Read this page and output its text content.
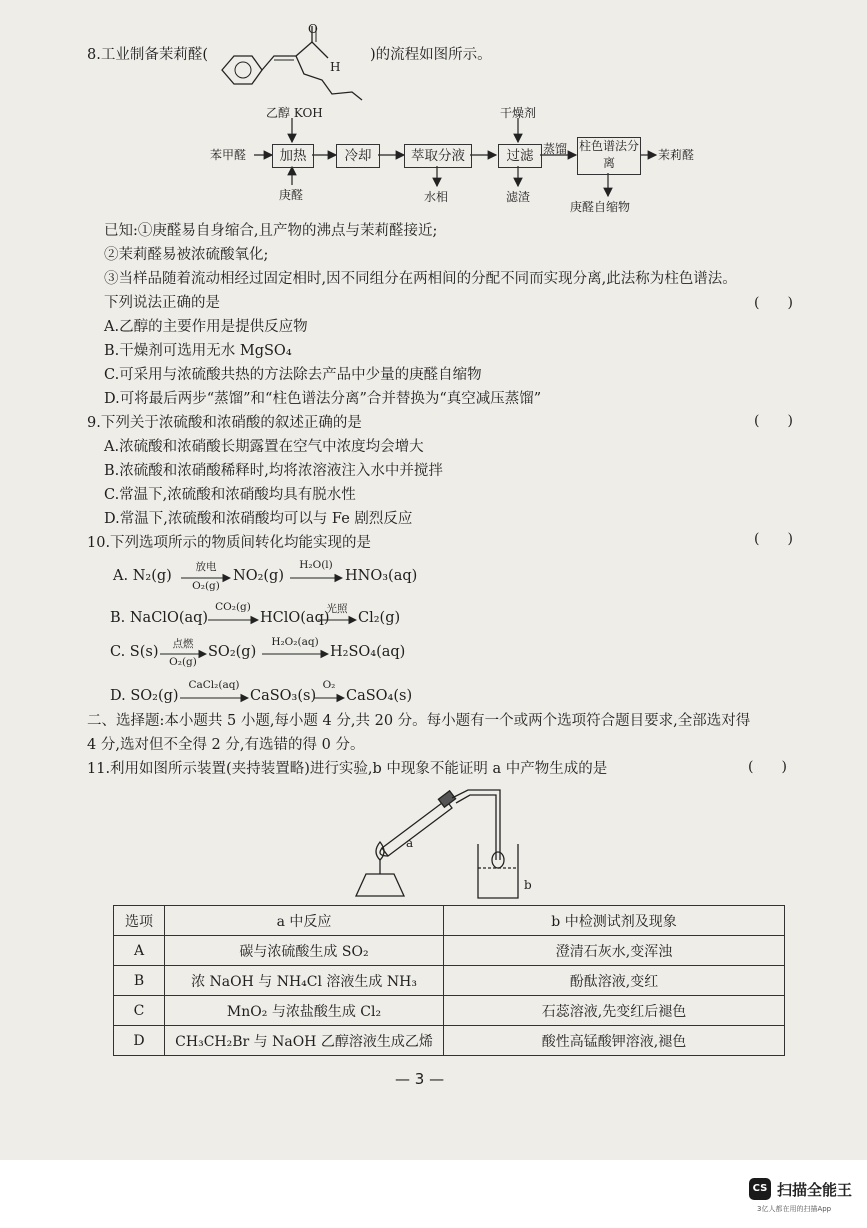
8.工业制备茉莉醛(
O
H
)的流程如图所示。
乙醇 KOH
苯甲醛	加热
庚醛
冷却	萃取分液
水相
干燥剂
过滤
滤渣
蒸馏 柱色谱法分离
茉莉醛
庚醛自缩物
已知:①庚醛易自身缩合,且产物的沸点与茉莉醛接近;
②茉莉醛易被浓硫酸氧化;
③当样品随着流动相经过固定相时,因不同组分在两相间的分配不同而实现分离,此法称为柱色谱法。
下列说法正确的是	(　　)
A.乙醇的主要作用是提供反应物
B.干燥剂可选用无水 MgSO₄
C.可采用与浓硫酸共热的方法除去产品中少量的庚醛自缩物
D.可将最后两步“蒸馏”和“柱色谱法分离”合并替换为“真空减压蒸馏”
9.下列关于浓硫酸和浓硝酸的叙述正确的是	(　　)
A.浓硫酸和浓硝酸长期露置在空气中浓度均会增大
B.浓硫酸和浓硝酸稀释时,均将浓溶液注入水中并搅拌
C.常温下,浓硫酸和浓硝酸均具有脱水性
D.常温下,浓硫酸和浓硝酸均可以与 Fe 剧烈反应
10.下列选项所示的物质间转化均能实现的是	(　　)
A. N₂(g)
放电
O₂(g)
NO₂(g)
H₂O(l)
HNO₃(aq)
B. NaClO(aq)
CO₂(g)
HClO(aq)
光照
Cl₂(g)
C. S(s)	点燃
O₂(g)
SO₂(g)
H₂O₂(aq)
H₂SO₄(aq)
D. SO₂(g)
CaCl₂(aq)
CaSO₃(s)
O₂
CaSO₄(s)
二、选择题:本小题共 5 小题,每小题 4 分,共 20 分。每小题有一个或两个选项符合题目要求,全部选对得
4 分,选对但不全得 2 分,有选错的得 0 分。
11.利用如图所示装置(夹持装置略)进行实验,b 中现象不能证明 a 中产物生成的是	(　　)
a
b
选项	a 中反应	b 中检测试剂及现象
A	碳与浓硫酸生成 SO₂	澄清石灰水,变浑浊
B	浓 NaOH 与 NH₄Cl 溶液生成 NH₃	酚酞溶液,变红
C	MnO₂ 与浓盐酸生成 Cl₂	石蕊溶液,先变红后褪色
D	CH₃CH₂Br 与 NaOH 乙醇溶液生成乙烯	酸性高锰酸钾溶液,褪色
— 3 —
CS 扫描全能王
3亿人都在用的扫描App
